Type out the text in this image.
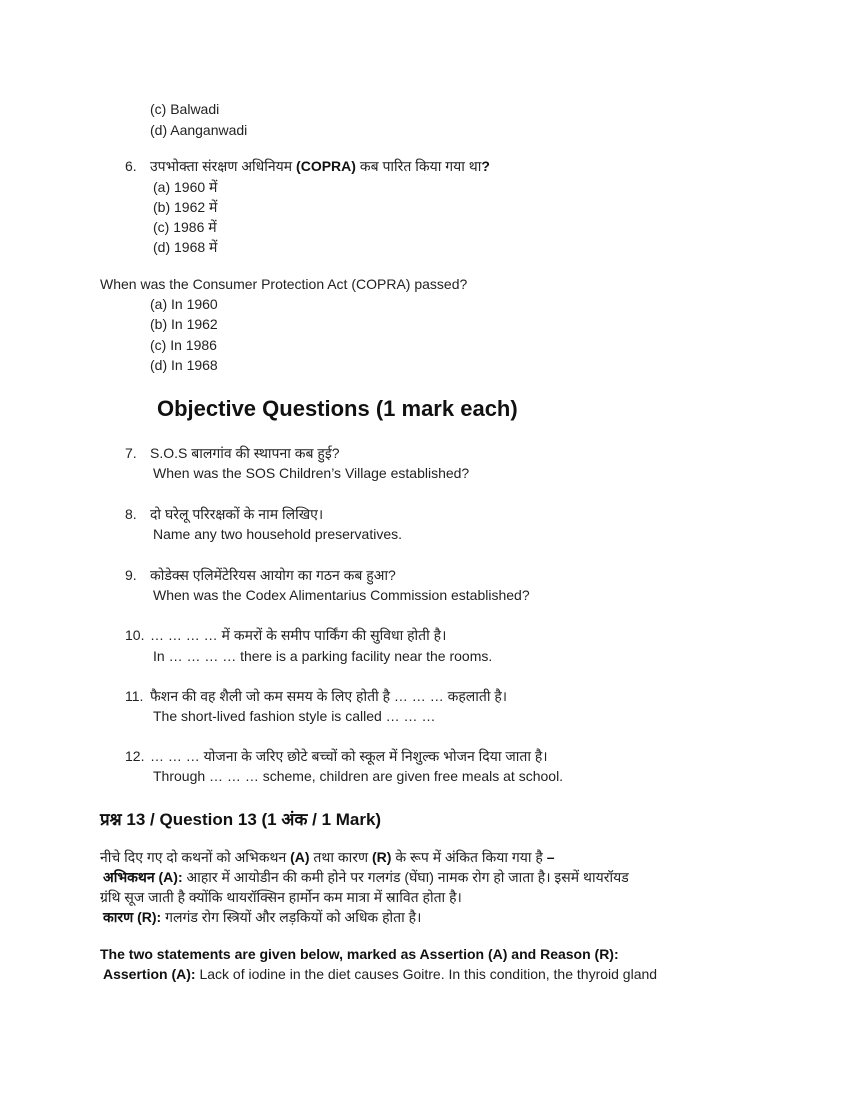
(c) Balwadi
(d) Aanganwadi
6. उपभोक्ता संरक्षण अधिनियम (COPRA) कब पारित किया गया था?
(a) 1960 में
(b) 1962 में
(c) 1986 में
(d) 1968 में
When was the Consumer Protection Act (COPRA) passed?
(a) In 1960
(b) In 1962
(c) In 1986
(d) In 1968
Objective Questions (1 mark each)
7. S.O.S बालगांव की स्थापना कब हुई?
When was the SOS Children’s Village established?
8. दो घरेलू परिरक्षकों के नाम लिखिए।
Name any two household preservatives.
9. कोडेक्स एलिमेंटेरियस आयोग का गठन कब हुआ?
When was the Codex Alimentarius Commission established?
10. … … … … में कमरों के समीप पार्किंग की सुविधा होती है।
In … … … … there is a parking facility near the rooms.
11. फैशन की वह शैली जो कम समय के लिए होती है … … … कहलाती है।
The short-lived fashion style is called … … …
12. … … … योजना के जरिए छोटे बच्चों को स्कूल में निशुल्क भोजन दिया जाता है।
Through … … … scheme, children are given free meals at school.
प्रश्न 13 / Question 13 (1 अंक / 1 Mark)
नीचे दिए गए दो कथनों को अभिकथन (A) तथा कारण (R) के रूप में अंकित किया गया है –
अभिकथन (A): आहार में आयोडीन की कमी होने पर गलगंड (घेंघा) नामक रोग हो जाता है। इसमें थायरॉयड
ग्रंथि सूज जाती है क्योंकि थायरॉक्सिन हार्मोन कम मात्रा में स्रावित होता है।
कारण (R): गलगंड रोग स्त्रियों और लड़कियों को अधिक होता है।
The two statements are given below, marked as Assertion (A) and Reason (R):
Assertion (A): Lack of iodine in the diet causes Goitre. In this condition, the thyroid gland
